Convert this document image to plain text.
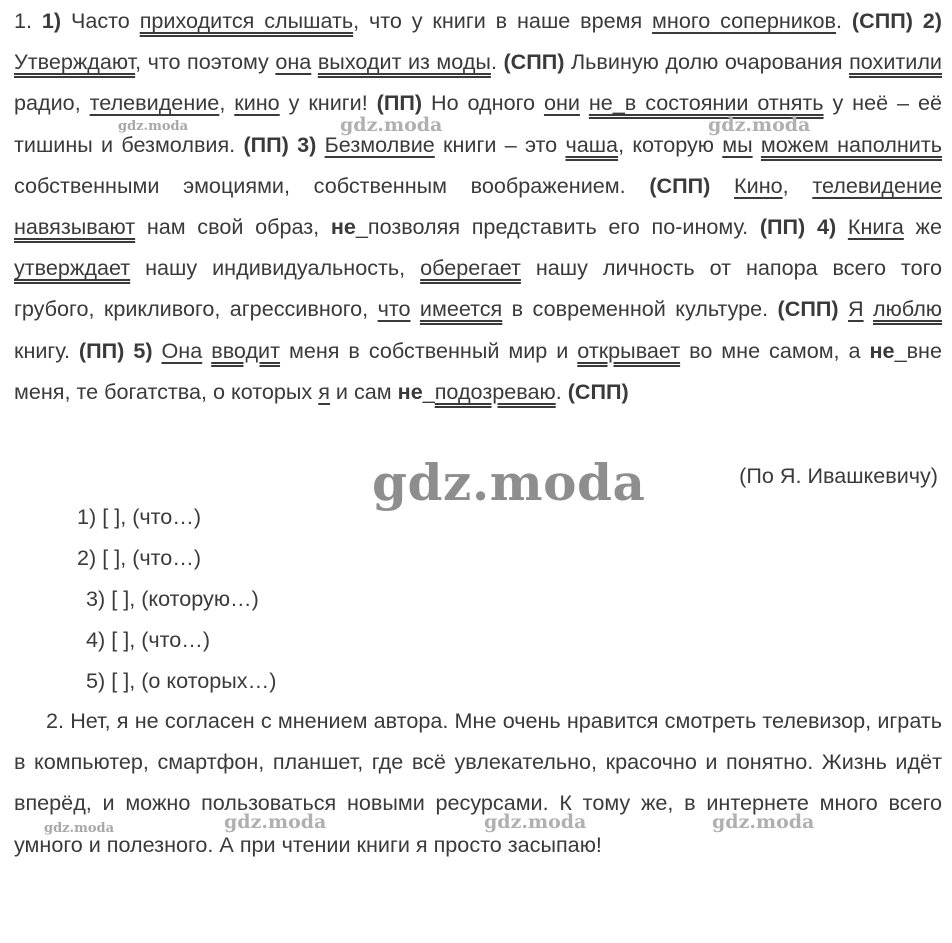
1. 1) Часто приходится слышать, что у книги в наше время много соперников. (СПП) 2) Утверждают, что поэтому она выходит из моды. (СПП) Львиную долю очарования похитили радио, телевидение, кино у книги! (ПП) Но одного они не_в состоянии отнять у неё – её тишины и безмолвия. (ПП) 3) Безмолвие книги – это чаша, которую мы можем наполнить собственными эмоциями, собственным воображением. (СПП) Кино, телевидение навязывают нам свой образ, не_позволяя представить его по-иному. (ПП) 4) Книга же утверждает нашу индивидуальность, оберегает нашу личность от напора всего того грубого, крикливого, агрессивного, что имеется в современной культуре. (СПП) Я люблю книгу. (ПП) 5) Она вводит меня в собственный мир и открывает во мне самом, а не_вне меня, те богатства, о которых я и сам не_подозреваю. (СПП)

(По Я. Ивашкевичу)

1) [ ], (что…)
2) [ ], (что…)
3) [ ], (которую…)
4) [ ], (что…)
5) [ ], (о которых…)

2. Нет, я не согласен с мнением автора. Мне очень нравится смотреть телевизор, играть в компьютер, смартфон, планшет, где всё увлекательно, красочно и понятно. Жизнь идёт вперёд, и можно пользоваться новыми ресурсами. К тому же, в интернете много всего умного и полезного. А при чтении книги я просто засыпаю!

gdz.moda	gdz.moda	gdz.moda
gdz.moda
gdz.moda	gdz.moda	gdz.moda	gdz.moda
